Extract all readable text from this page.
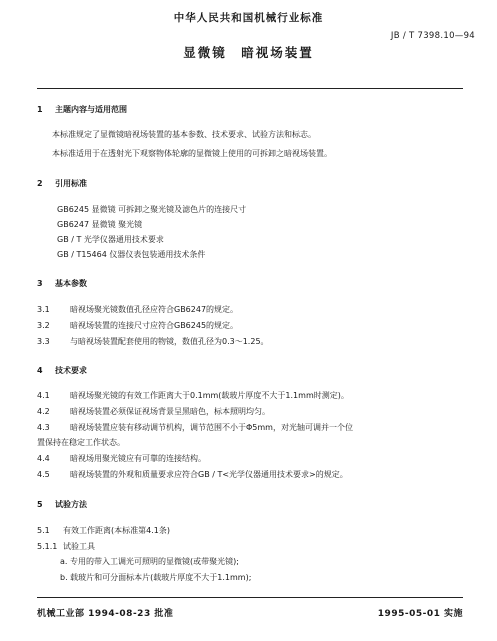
中华人民共和国机械行业标准
JB / T 7398.10—94
显微镜　暗视场装置
1 主题内容与适用范围
本标准规定了显微镜暗视场装置的基本参数、技术要求、试验方法和标志。
本标准适用于在透射光下观察物体轮廓的显微镜上使用的可拆卸之暗视场装置。
2 引用标准
GB6245 显微镜 可拆卸之聚光镜及滤色片的连接尺寸
GB6247 显微镜 聚光镜
GB / T 光学仪器通用技术要求
GB / T15464 仪器仪表包装通用技术条件
3 基本参数
3.1	暗视场聚光镜数值孔径应符合GB6247的规定。
3.2	暗视场装置的连接尺寸应符合GB6245的规定。
3.3	与暗视场装置配套使用的物镜，数值孔径为0.3～1.25。
4 技术要求
4.1	暗视场聚光镜的有效工作距离大于0.1mm(载玻片厚度不大于1.1mm时测定)。
4.2	暗视场装置必须保证视场背景呈黑暗色，标本照明均匀。
4.3	暗视场装置应装有移动调节机构，调节范围不小于Φ5mm，对光轴可调并一个位
置保持在稳定工作状态。
4.4	暗视场用聚光镜应有可靠的连接结构。
4.5	暗视场装置的外观和质量要求应符合GB / T<光学仪器通用技术要求>的规定。
5 试验方法
5.1 有效工作距离(本标准第4.1条)
5.1.1 试验工具
a. 专用的带入工调光可照明的显微镜(或带聚光镜);
b. 载玻片和可分面标本片(载玻片厚度不大于1.1mm);
机械工业部 1994-08-23 批准	1995-05-01 实施
